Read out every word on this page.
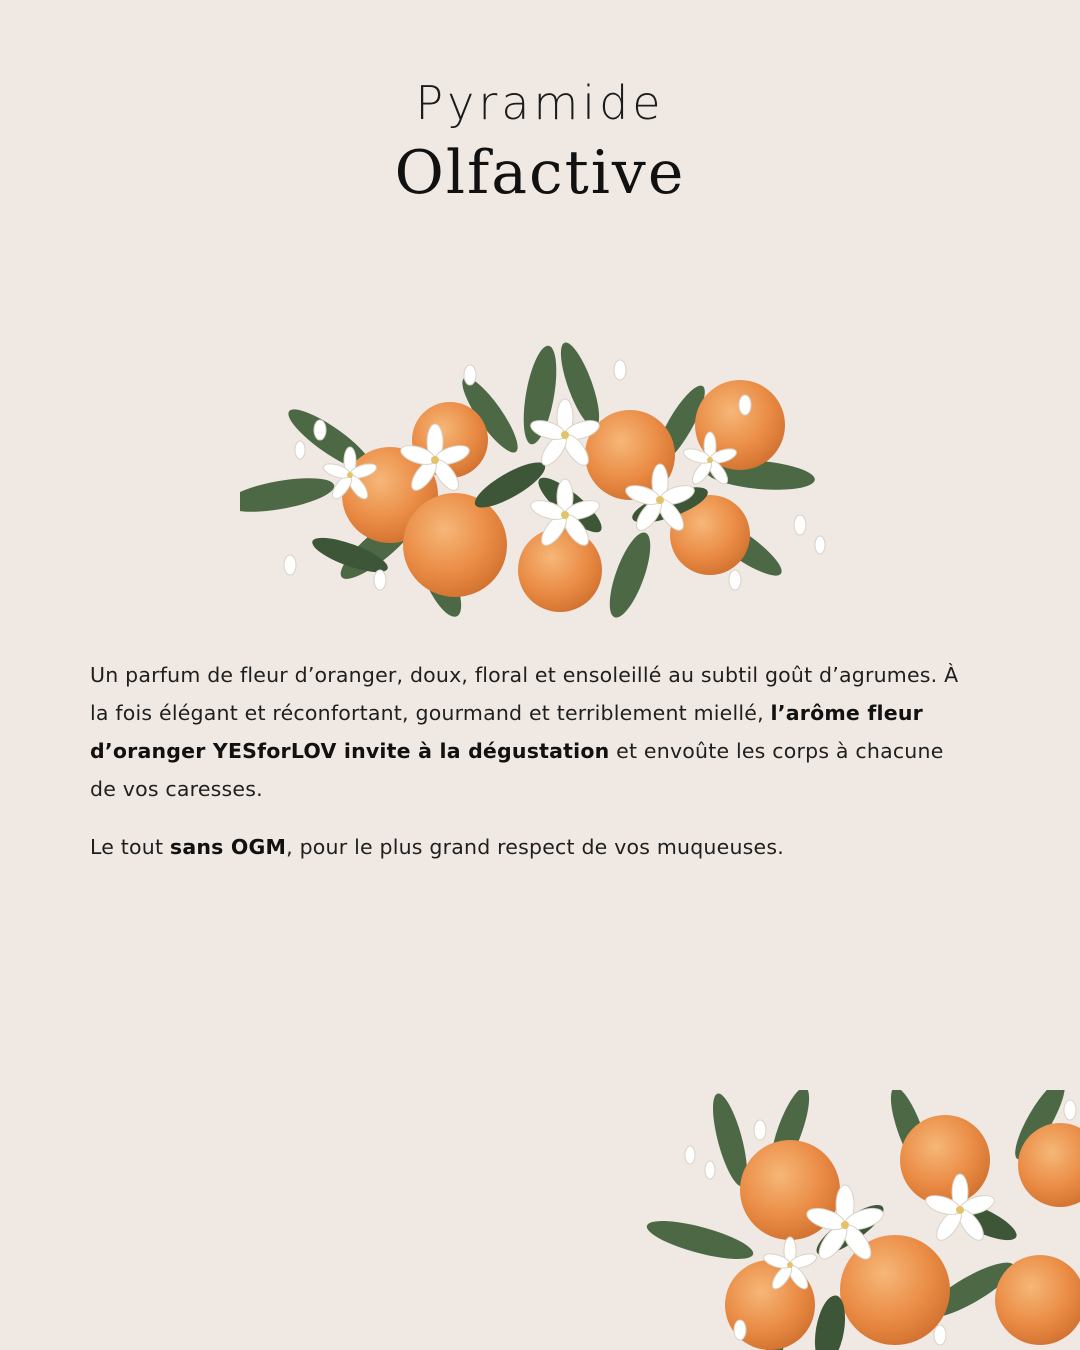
Pyramide
Olfactive

Un parfum de fleur d’oranger, doux, floral et ensoleillé au subtil goût d’agrumes. À la fois élégant et réconfortant, gourmand et terriblement miellé, l’arôme fleur d’oranger YESforLOV invite à la dégustation et envoûte les corps à chacune de vos caresses.

Le tout sans OGM, pour le plus grand respect de vos muqueuses.
